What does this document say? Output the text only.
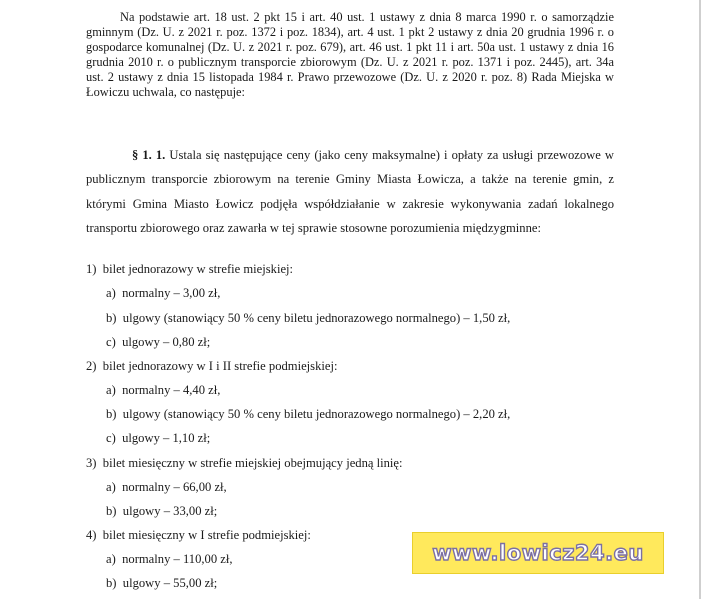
Na podstawie art. 18 ust. 2 pkt 15 i art. 40 ust. 1 ustawy z dnia 8 marca 1990 r. o samorządzie gminnym (Dz. U. z 2021 r. poz. 1372 i poz. 1834), art. 4 ust. 1 pkt 2 ustawy z dnia 20 grudnia 1996 r. o gospodarce komunalnej (Dz. U. z 2021 r. poz. 679), art. 46 ust. 1 pkt 11 i art. 50a ust. 1 ustawy z dnia 16 grudnia 2010 r. o publicznym transporcie zbiorowym (Dz. U. z 2021 r. poz. 1371 i poz. 2445), art. 34a ust. 2 ustawy z dnia 15 listopada 1984 r. Prawo przewozowe (Dz. U. z 2020 r. poz. 8) Rada Miejska w Łowiczu uchwala, co następuje:

§ 1. 1. Ustala się następujące ceny (jako ceny maksymalne) i opłaty za usługi przewozowe w publicznym transporcie zbiorowym na terenie Gminy Miasta Łowicza, a także na terenie gmin, z którymi Gmina Miasto Łowicz podjęła współdziałanie w zakresie wykonywania zadań lokalnego transportu zbiorowego oraz zawarła w tej sprawie stosowne porozumienia międzygminne:

1) bilet jednorazowy w strefie miejskiej:
a) normalny – 3,00 zł,
b) ulgowy (stanowiący 50 % ceny biletu jednorazowego normalnego) – 1,50 zł,
c) ulgowy – 0,80 zł;
2) bilet jednorazowy w I i II strefie podmiejskiej:
a) normalny – 4,40 zł,
b) ulgowy (stanowiący 50 % ceny biletu jednorazowego normalnego) – 2,20 zł,
c) ulgowy – 1,10 zł;
3) bilet miesięczny w strefie miejskiej obejmujący jedną linię:
a) normalny – 66,00 zł,
b) ulgowy – 33,00 zł;
4) bilet miesięczny w I strefie podmiejskiej:
a) normalny – 110,00 zł,
b) ulgowy – 55,00 zł;
www.lowicz24.eu
